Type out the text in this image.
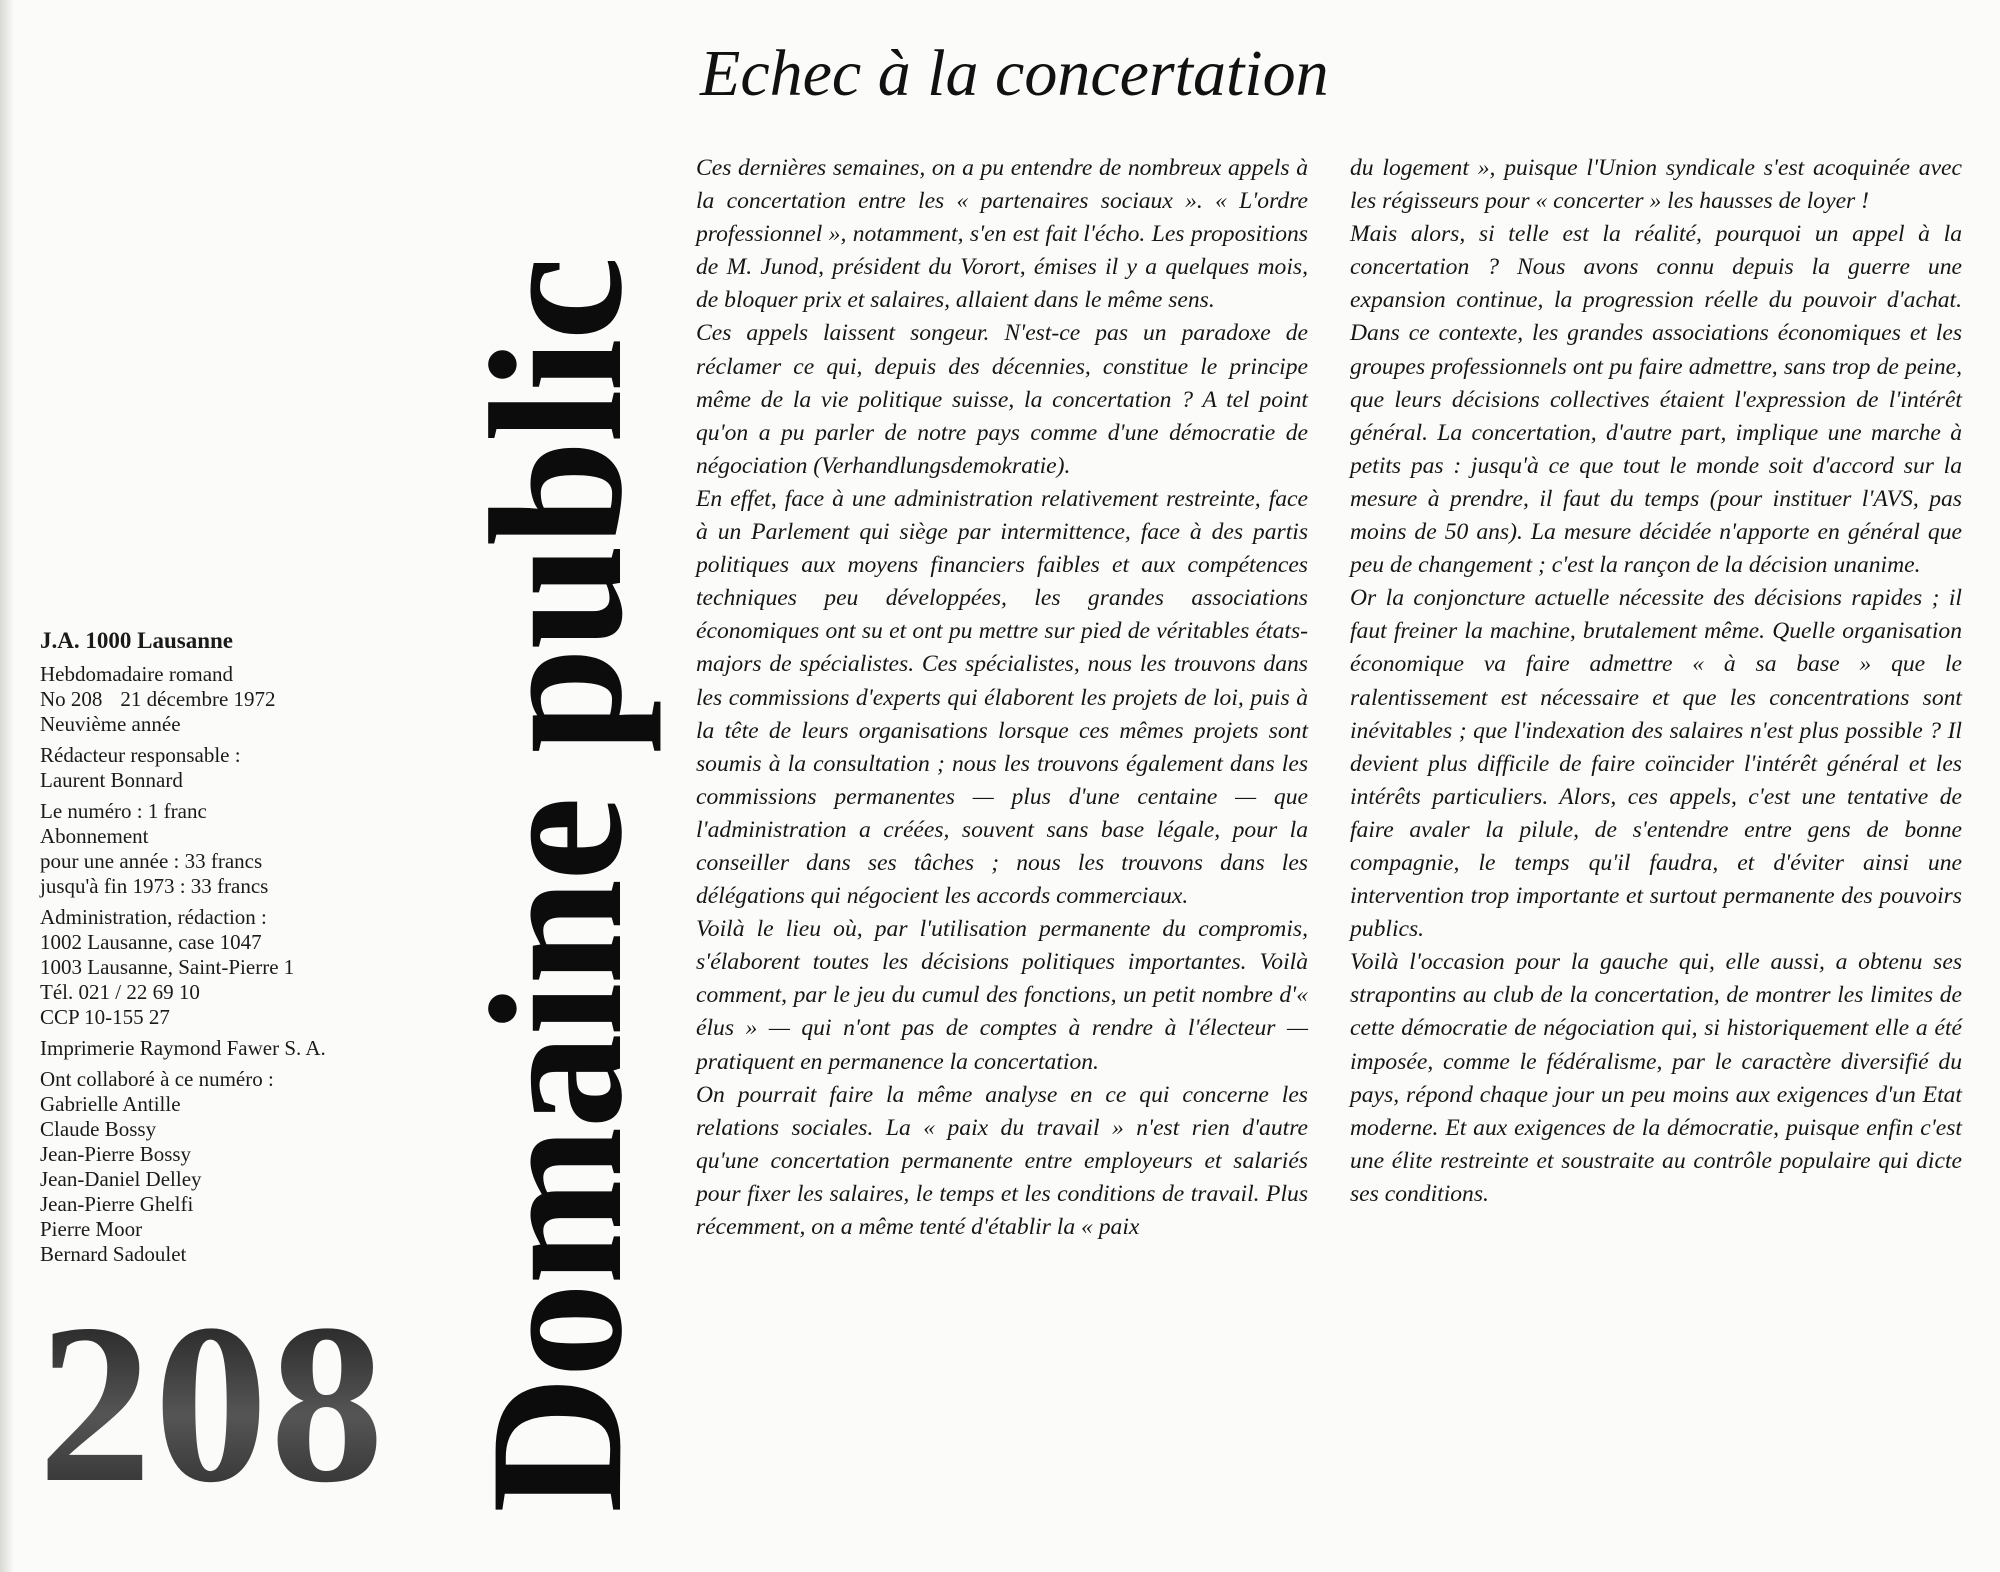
Echec à la concertation
Domaine public
J.A. 1000 Lausanne
Hebdomadaire romand
No 208 21 décembre 1972
Neuvième année
Rédacteur responsable :
Laurent Bonnard
Le numéro : 1 franc
Abonnement
pour une année : 33 francs
jusqu'à fin 1973 : 33 francs
Administration, rédaction :
1002 Lausanne, case 1047
1003 Lausanne, Saint-Pierre 1
Tél. 021 / 22 69 10
CCP 10-155 27
Imprimerie Raymond Fawer S. A.
Ont collaboré à ce numéro :
Gabrielle Antille
Claude Bossy
Jean-Pierre Bossy
Jean-Daniel Delley
Jean-Pierre Ghelfi
Pierre Moor
Bernard Sadoulet
208

Ces dernières semaines, on a pu entendre de nombreux appels à la concertation entre les « partenaires sociaux ». « L'ordre professionnel », notamment, s'en est fait l'écho. Les propositions de M. Junod, président du Vorort, émises il y a quelques mois, de bloquer prix et salaires, allaient dans le même sens.

Ces appels laissent songeur. N'est-ce pas un paradoxe de réclamer ce qui, depuis des décennies, constitue le principe même de la vie politique suisse, la concertation ? A tel point qu'on a pu parler de notre pays comme d'une démocratie de négociation (Verhandlungsdemokratie).

En effet, face à une administration relativement restreinte, face à un Parlement qui siège par intermittence, face à des partis politiques aux moyens financiers faibles et aux compétences techniques peu développées, les grandes associations économiques ont su et ont pu mettre sur pied de véritables états-majors de spécialistes. Ces spécialistes, nous les trouvons dans les commissions d'experts qui élaborent les projets de loi, puis à la tête de leurs organisations lorsque ces mêmes projets sont soumis à la consultation ; nous les trouvons également dans les commissions permanentes — plus d'une centaine — que l'administration a créées, souvent sans base légale, pour la conseiller dans ses tâches ; nous les trouvons dans les délégations qui négocient les accords commerciaux.

Voilà le lieu où, par l'utilisation permanente du compromis, s'élaborent toutes les décisions politiques importantes. Voilà comment, par le jeu du cumul des fonctions, un petit nombre d'« élus » — qui n'ont pas de comptes à rendre à l'électeur — pratiquent en permanence la concertation.

On pourrait faire la même analyse en ce qui concerne les relations sociales. La « paix du travail » n'est rien d'autre qu'une concertation permanente entre employeurs et salariés pour fixer les salaires, le temps et les conditions de travail. Plus récemment, on a même tenté d'établir la « paix

du logement », puisque l'Union syndicale s'est acoquinée avec les régisseurs pour « concerter » les hausses de loyer !

Mais alors, si telle est la réalité, pourquoi un appel à la concertation ? Nous avons connu depuis la guerre une expansion continue, la progression réelle du pouvoir d'achat. Dans ce contexte, les grandes associations économiques et les groupes professionnels ont pu faire admettre, sans trop de peine, que leurs décisions collectives étaient l'expression de l'intérêt général. La concertation, d'autre part, implique une marche à petits pas : jusqu'à ce que tout le monde soit d'accord sur la mesure à prendre, il faut du temps (pour instituer l'AVS, pas moins de 50 ans). La mesure décidée n'apporte en général que peu de changement ; c'est la rançon de la décision unanime.

Or la conjoncture actuelle nécessite des décisions rapides ; il faut freiner la machine, brutalement même. Quelle organisation économique va faire admettre « à sa base » que le ralentissement est nécessaire et que les concentrations sont inévitables ; que l'indexation des salaires n'est plus possible ? Il devient plus difficile de faire coïncider l'intérêt général et les intérêts particuliers. Alors, ces appels, c'est une tentative de faire avaler la pilule, de s'entendre entre gens de bonne compagnie, le temps qu'il faudra, et d'éviter ainsi une intervention trop importante et surtout permanente des pouvoirs publics.

Voilà l'occasion pour la gauche qui, elle aussi, a obtenu ses strapontins au club de la concertation, de montrer les limites de cette démocratie de négociation qui, si historiquement elle a été imposée, comme le fédéralisme, par le caractère diversifié du pays, répond chaque jour un peu moins aux exigences d'un Etat moderne. Et aux exigences de la démocratie, puisque enfin c'est une élite restreinte et soustraite au contrôle populaire qui dicte ses conditions.
